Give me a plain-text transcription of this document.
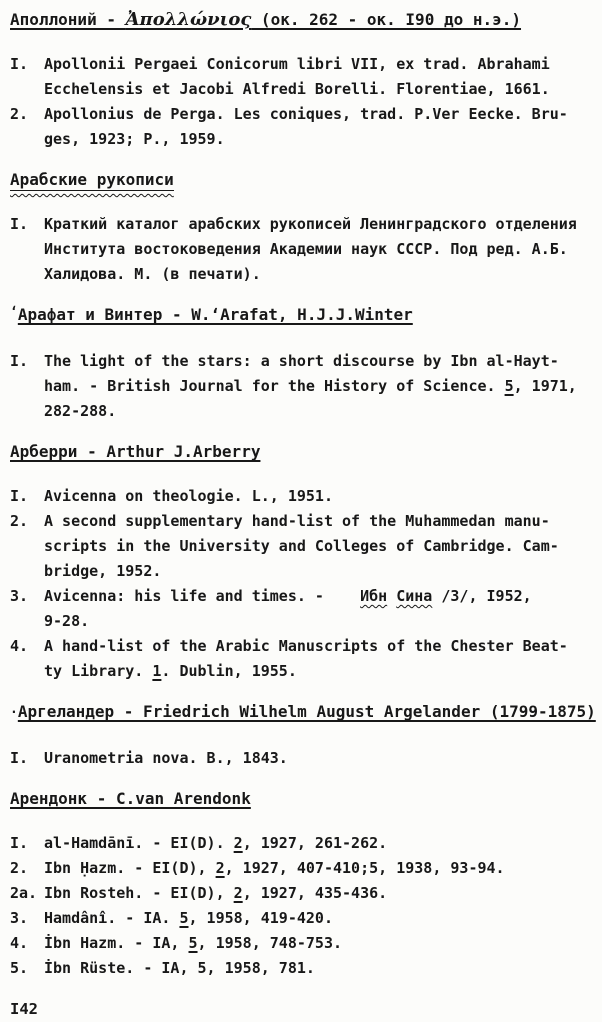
Аполлоний - Ἀπολλώνιος (ок. 262 - ок. I90 до н.э.)
I.	Apollonii Pergaei Conicorum libri VII, ex trad. Abrahami
Ecchelensis et Jacobi Alfredi Borelli. Florentiae, 1661.
2.	Apollonius de Perga. Les coniques, trad. P.Ver Eecke. Bru-
ges, 1923; P., 1959.
Арабские рукописи
I.	Краткий каталог арабских рукописей Ленинградского отделения
Института востоковедения Академии наук СССР. Под ред. А.Б.
Халидова. М. (в печати).
ʻАрафат и Винтер - W.ʻArafat, H.J.J.Winter
I.	The light of the stars: a short discourse by Ibn al-Hayt-
ham. - British Journal for the History of Science. 5, 1971,
282-288.
Арберри - Arthur J.Arberry
I.	Avicenna on theologie. L., 1951.
2.	A second supplementary hand-list of the Muhammedan manu-
scripts in the University and Colleges of Cambridge. Cam-
bridge, 1952.
3.	Avicenna: his life and times. -    Ибн Сина /3/, I952,
9-28.
4.	A hand-list of the Arabic Manuscripts of the Chester Beat-
ty Library. 1. Dublin, 1955.
.Аргеландер - Friedrich Wilhelm August Argelander (1799-1875)
I.	Uranometria nova. B., 1843.
Арендонк - C.van Arendonk
I.	al-Hamdānī. - EI(D). 2, 1927, 261-262.
2.	Ibn Ḥazm. - EI(D), 2, 1927, 407-410;5, 1938, 93-94.
2a. Ibn Rosteh. - EI(D), 2, 1927, 435-436.
3.	Hamdânî. - IA. 5, 1958, 419-420.
4.	İbn Hazm. - IA, 5, 1958, 748-753.
5.	İbn Rüste. - IA, 5, 1958, 781.
I42
